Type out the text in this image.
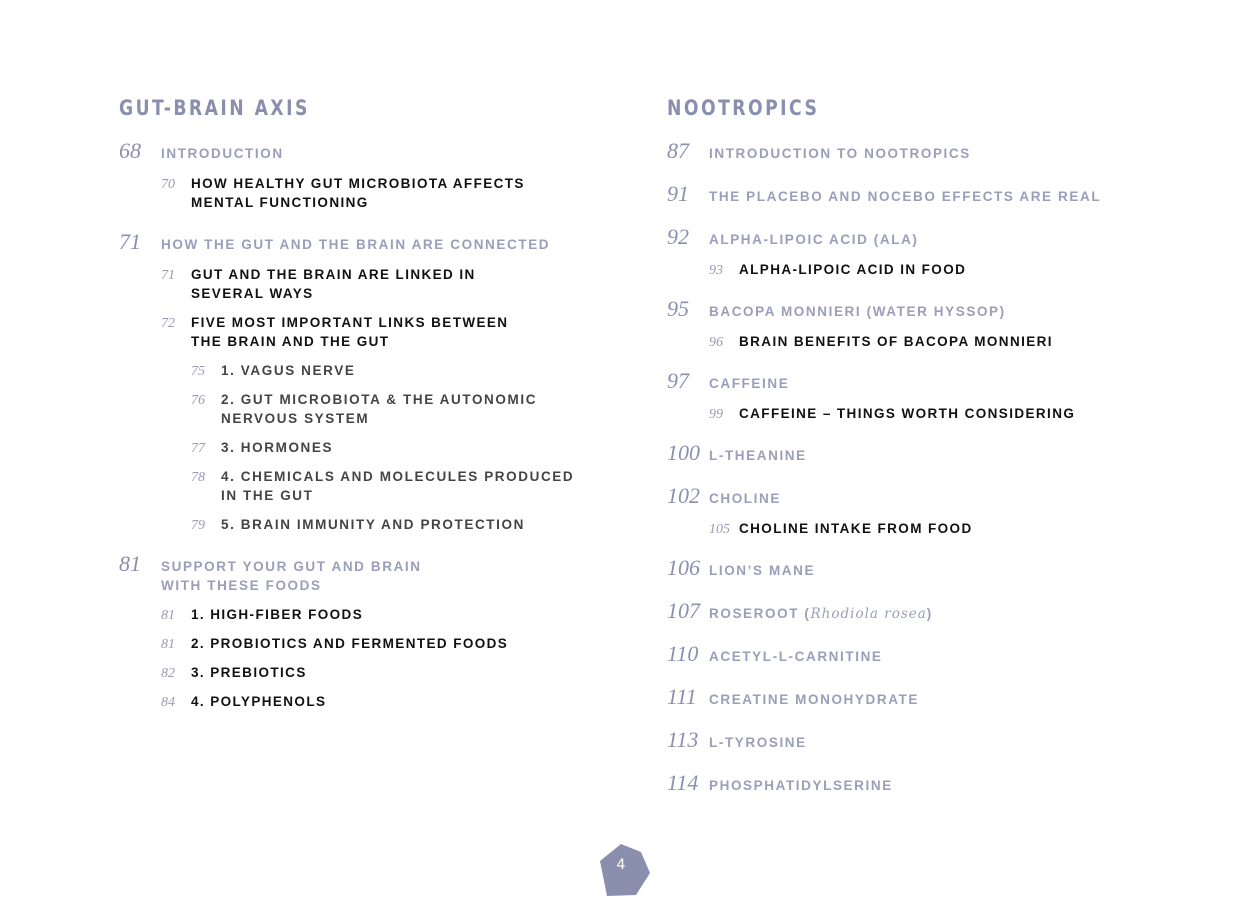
GUT-BRAIN AXIS
68	INTRODUCTION
70	HOW HEALTHY GUT MICROBIOTA AFFECTS
MENTAL FUNCTIONING
71	HOW THE GUT AND THE BRAIN ARE CONNECTED
71	GUT AND THE BRAIN ARE LINKED IN
SEVERAL WAYS
72	FIVE MOST IMPORTANT LINKS BETWEEN
THE BRAIN AND THE GUT
75	1. VAGUS NERVE
76	2. GUT MICROBIOTA & THE AUTONOMIC
NERVOUS SYSTEM
77	3. HORMONES
78	4. CHEMICALS AND MOLECULES PRODUCED
IN THE GUT
79	5. BRAIN IMMUNITY AND PROTECTION
81	SUPPORT YOUR GUT AND BRAIN
WITH THESE FOODS
81	1. HIGH-FIBER FOODS
81	2. PROBIOTICS AND FERMENTED FOODS
82	3. PREBIOTICS
84	4. POLYPHENOLS
NOOTROPICS
87	INTRODUCTION TO NOOTROPICS
91	THE PLACEBO AND NOCEBO EFFECTS ARE REAL
92	ALPHA-LIPOIC ACID (ALA)
93	ALPHA-LIPOIC ACID IN FOOD
95	BACOPA MONNIERI (WATER HYSSOP)
96	BRAIN BENEFITS OF BACOPA MONNIERI
97	CAFFEINE
99	CAFFEINE – THINGS WORTH CONSIDERING
100 L-THEANINE
102 CHOLINE
105 CHOLINE INTAKE FROM FOOD
106 LION’S MANE
107 ROSEROOT (Rhodiola rosea)
110 ACETYL-L-CARNITINE
111 CREATINE MONOHYDRATE
113 L-TYROSINE
114 PHOSPHATIDYLSERINE
4
